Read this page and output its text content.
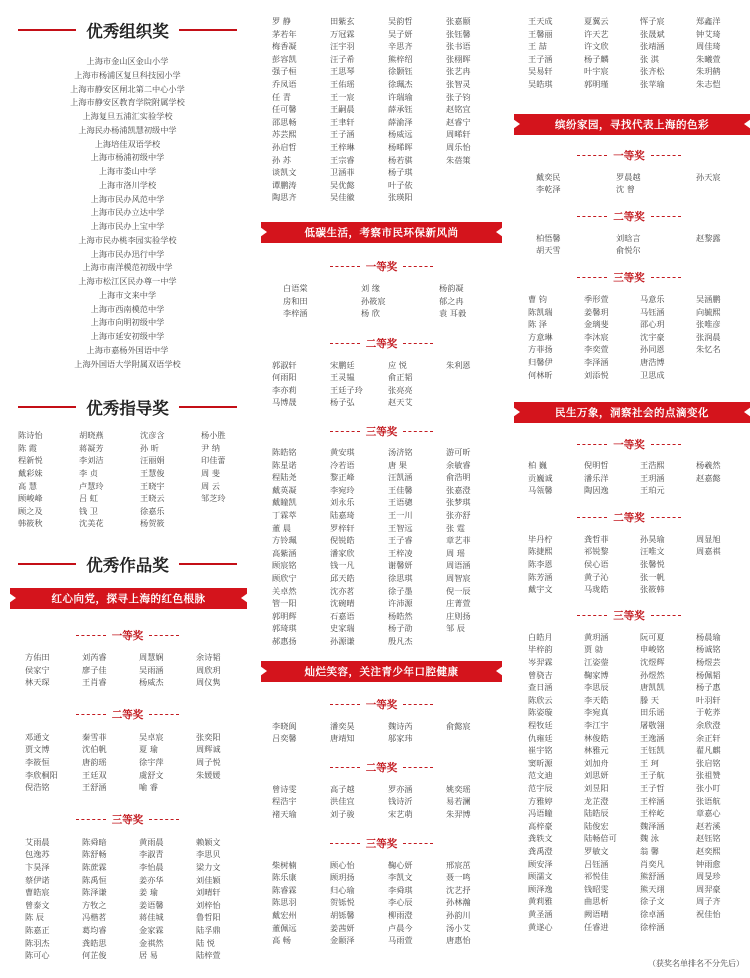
优秀组织奖
上海市金山区金山小学
上海市杨浦区复旦科技园小学
上海市静安区闸北第二中心小学
上海市静安区教育学院附属学校
上海复旦五浦汇实验学校
上海民办杨浦凯慧初级中学
上海培佳双语学校
上海市杨浦初级中学
上海市娄山中学
上海市洛川学校
上海市民办风范中学
上海市民办立达中学
上海市民办上宝中学
上海市民办桃李园实验学校
上海市民办迅行中学
上海市南洋模范初级中学
上海市松江区民办尊一中学
上海市文来中学
上海市西南模范中学
上海市向明初级中学
上海市延安初级中学
上海市嘉杨外国语中学
上海外国语大学附属双语学校
优秀指导奖
陈诗怡	胡晓燕	沈彦含	杨小胜
陈 霞	蒋凝芳	孙 昕	尹 纳
程新悦	李刘洁	汪丽娟	印佳蕾
戴彩妹	李 贞	王慧俊	周 斐
高 慧	卢慧玲	王晓宇	周 云
顾峻峰	吕 虹	王晓云	邹芝玲
顾之及	钱 卫	徐嘉乐
韩筱秋	沈美花	杨贺筱
优秀作品奖
红心向党，探寻上海的红色根脉
一等奖
方佑田	刘芮睿	周慧娴	余诗韬
侯家宁	廖子佳	吴雨涵	周欣玥
林天琛	王肖睿	杨威杰	周仪隽
二等奖
邓通文	秦雪菲	吴卓宸	张奕阳
贾文博	沈伯帆	夏 瑜	周辉诚
李筱恒	唐韵瑶	徐宇萍	周子悦
李欣桐阳	王廷双	虞舒文	朱媛媛
倪浩铭	王舒涵	喻 睿
三等奖
艾雨晨	陈舜暗	黄雨晨	赖颖文
包逸苏	陈舒畅	李淑青	李思贝
卞昊泽	陈蔗霖	李怡晨	梁力文
蔡伊诺	陈禹恒	姜亦华	刘佳颖
曹皓宸	陈泽谦	姜 瑜	刘晴轩
曾泰文	方牧之	姜语馨	刘梓怡
陈 辰	冯楷茗	蒋佳城	鲁哲阳
陈嘉正	葛均睿	金家霖	陆孚鼎
陈羽杰	龚皓思	金祺然	陆 悦
陈可心	何芷俊	居 易	陆梓萱
罗 静	田紫玄	吴韵哲	张嘉颐
茅若年	万冠霖	吴子妍	张钰馨
梅香凝	汪宇羽	辛思齐	张书语
彭容凯	汪子希	熊梓绍	张栩晖
强子桓	王思琴	徐颢钰	张艺冉
乔凤语	王佑瑶	徐珮杰	张智灵
任 青	王一宸	许瑞瑜	张子钧
任可馨	王嗣晨	薛承钰	赵铭宜
邵思畅	王聿轩	薛渝泽	赵睿宁
苏芸熙	王子涵	杨威远	周晞轩
孙启哲	王梓琳	杨晞晖	周乐怡
孙 苏	王宗睿	杨若骐	朱蓓策
谈凯文	卫涵菲	杨子琪
谭鹏涛	吴优懿	叶子依
陶思齐	吴佳徽	张瑛阳
低碳生活，考察市民环保新风尚
一等奖
白语棠	刘 缘	杨韵凝
房和田	孙筱宸	郁之冉
李梓涵	杨 欣	袁 耳毅
二等奖
郭淑轩	宋鹏廷	应 悦	朱利恩
何雨阳	王灵韫	俞正韬
李亦莉	王廷子玲	张亮亮
马博晟	杨子弘	赵天艾
三等奖
陈皓铭	黄安琪	汤济铭	游可昕
陈星诺	冷若语	唐 果	余敏睿
程陆尧	黎正峰	汪凯涵	俞浩明
戴英凝	李宛玲	王佳馨	张嘉澄
戴瞳凯	刘永乐	王语骢	张梦琪
丁霖萃	陆嘉琦	王一川	张亦舒
董 晨	罗梓轩	王智远	张 霆
方铃珮	倪锐皓	王子睿	章艺菲
高紫涵	潘家欣	王梓凌	周 瑶
顾宸铭	钱一凡	谢馨妍	周语涵
顾欣宁	邱天皓	徐思琪	周智宸
关卓然	沈亦茗	徐子墨	倪一辰
管一阳	沈碗晴	许沛源	庄菁萱
郭明辉	石嘉语	杨皓然	庄则扬
郭琦琪	史家瑞	杨子劭	邹 辰
郝惠扬	孙源谦	殷凡杰
灿烂笑容，关注青少年口腔健康
一等奖
李晓阆	潘奕昊	魏诗芮	俞懿宸
吕奕馨	唐靖知	邬家玮
二等奖
曾诗雯	高子越	罗亦涵	姚奕瑶
程浩宇	洪佳宜	钱诗沂	易若澜
褚天瑜	刘子骏	宋艺萌	朱羿博
三等奖
柴树楠	顾心怡	鞠心妍	邢宸茁
陈乐康	顾玥扬	李凯文	聂一鸣
陈睿霖	归心瑜	李舜琪	沈艺抒
陈思羽	贺铄悦	李心辰	孙林瀚
戴宏州	胡铄馨	柳雨澄	孙韵川
董佩远	姜茜妍	卢晨今	汤小艾
高 畅	金颐泽	马雨萱	唐惠怡
王天成	夏翼云	恽子宸	郑鑫洋
王馨丽	许天艺	张晟斌	钟艾琦
王 喆	许文欣	张靖涵	周佳琦
王子涵	杨子麟	张 淇	朱曦萱
吴易轩	叶宇宸	张齐松	朱玥鹤
吴皓琪	郭明瑾	张苹瑜	朱志恺
缤纷家园，寻找代表上海的色彩
一等奖
戴奕民	罗晨越	孙天宸
李乾泽	沈 曾
二等奖
柏悟馨	刘晗言	赵黎露
胡天雪	俞悦尔
三等奖
曹 钧	季形萱	马意乐	吴涵鹏
陈凯瑞	姜馨玥	马钰涵	向毓熙
陈 泽	金璃斐	邵心玥	张唯彦
方意琳	李沐宸	沈宇豪	张润晨
方菲扬	李奕萱	孙同恩	朱忆名
归馨伊	李泽涵	唐浩博
何林昕	刘添悦	卫思成
民生万象，洞察社会的点滴变化
一等奖
柏 巍	倪明哲	王浩熙	杨羲然
贡巍诚	潘乐洋	王玥涵	赵嘉懿
马瓴馨	陶因逸	王珀元
二等奖
毕丹柠	龚哲菲	孙昊瑜	周显旭
陈捷熙	祁锐黎	汪唯文	周嘉祺
陈李恩	侯心语	张馨悦
陈芳涵	黄子沁	张一帆
戴宇文	马珑皓	张筱韩
三等奖
白皓月	黄玥涵	阮可夏	杨晨瑜
毕梓韵	贾 勍	申峻铭	杨诚铭
岑羿霖	江姿蓥	沈煜辉	杨煜芸
曾骁吉	鞠家博	孙煜然	杨佩韬
查日涵	李思辰	唐凯凯	杨子惠
陈欣云	李天皓	滕 天	叶羽轩
陈姿璇	李宛真	田乐谣	于乾荞
程牧廷	李江宇	屠敬翎	余欣澄
仇雍廷	林俊皓	王逸涵	余正轩
崔宇铭	林雅元	王钰凯	翟凡麒
窦昕源	刘加舟	王 珂	张启铭
范文迪	刘思妍	王子航	张祖赞
范宇辰	刘昱阳	王子哲	张小叮
方雅婷	龙芷澄	王梓涵	张语航
冯语瞳	陆皓辰	王梓屹	章嘉心
高梓豪	陆俊宏	魏泽涵	赵若溪
龚轶文	陆畅倍可	魏 泳	赵钰铭
龚禹澄	罗敏文	翁 馨	赵奕熙
顾安泽	吕钰涵	肖奕凡	钟雨愈
顾濡文	祁悦佳	熊舒涵	周旻珍
顾泽逸	钱昭雯	熊天翊	周羿豪
黄莉雅	曲思析	徐子文	周子齐
黄圣涵	阙语晴	徐卓涵	祝佳怡
黄遂心	任睿进	徐梓涵
（获奖名单排名不分先后）
